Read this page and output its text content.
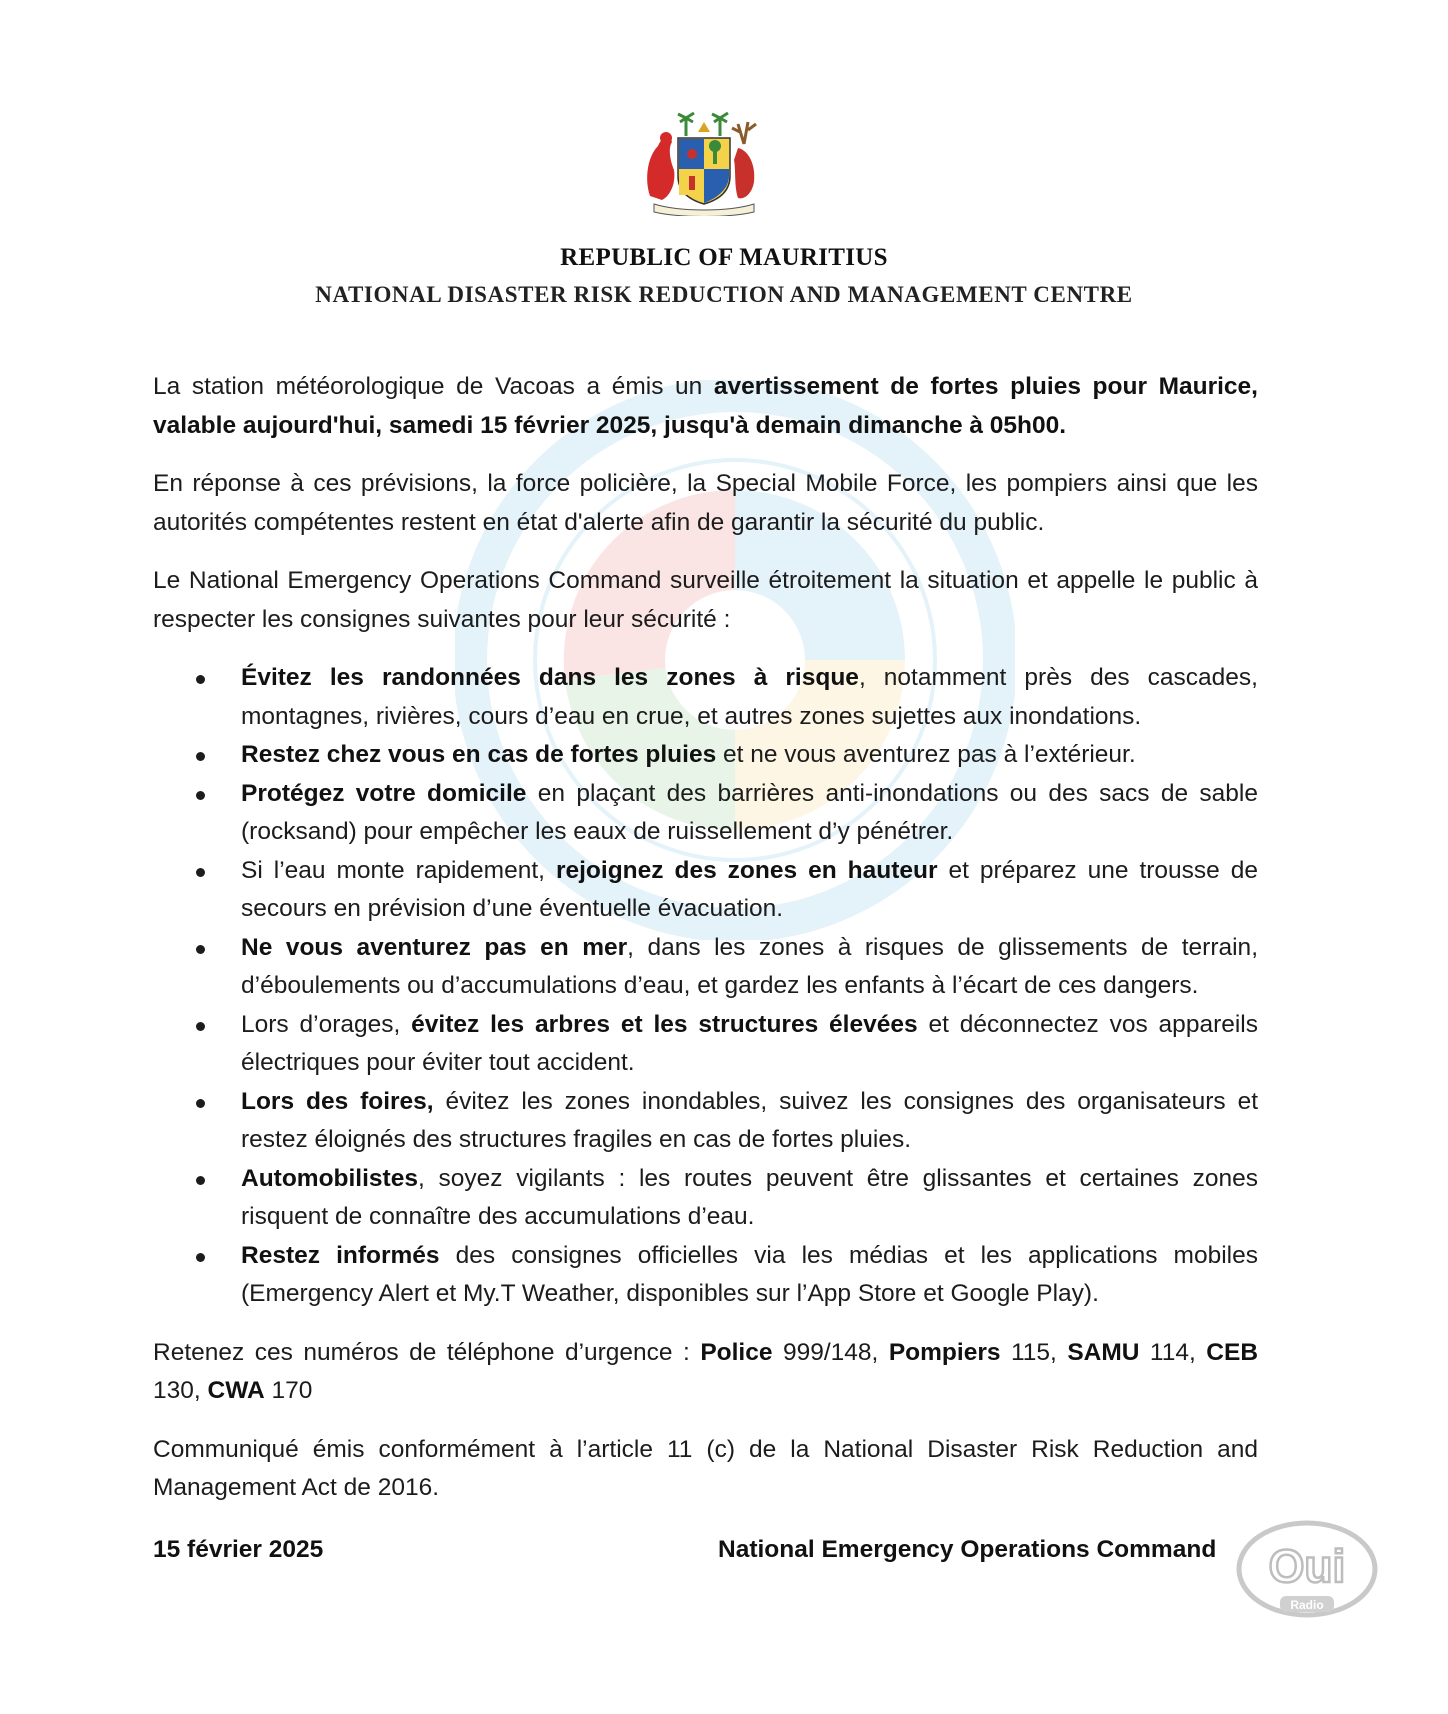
REPUBLIC OF MAURITIUS
NATIONAL DISASTER RISK REDUCTION AND MANAGEMENT CENTRE

La station météorologique de Vacoas a émis un avertissement de fortes pluies pour Maurice, valable aujourd'hui, samedi 15 février 2025, jusqu'à demain dimanche à 05h00.

En réponse à ces prévisions, la force policière, la Special Mobile Force, les pompiers ainsi que les autorités compétentes restent en état d'alerte afin de garantir la sécurité du public.

Le National Emergency Operations Command surveille étroitement la situation et appelle le public à respecter les consignes suivantes pour leur sécurité :

Évitez les randonnées dans les zones à risque, notamment près des cascades, montagnes, rivières, cours d’eau en crue, et autres zones sujettes aux inondations.
Restez chez vous en cas de fortes pluies et ne vous aventurez pas à l’extérieur.
Protégez votre domicile en plaçant des barrières anti-inondations ou des sacs de sable (rocksand) pour empêcher les eaux de ruissellement d’y pénétrer.
Si l’eau monte rapidement, rejoignez des zones en hauteur et préparez une trousse de secours en prévision d’une éventuelle évacuation.
Ne vous aventurez pas en mer, dans les zones à risques de glissements de terrain, d’éboulements ou d’accumulations d’eau, et gardez les enfants à l’écart de ces dangers.
Lors d’orages, évitez les arbres et les structures élevées et déconnectez vos appareils électriques pour éviter tout accident.
Lors des foires, évitez les zones inondables, suivez les consignes des organisateurs et restez éloignés des structures fragiles en cas de fortes pluies.
Automobilistes, soyez vigilants : les routes peuvent être glissantes et certaines zones risquent de connaître des accumulations d’eau.
Restez informés des consignes officielles via les médias et les applications mobiles (Emergency Alert et My.T Weather, disponibles sur l’App Store et Google Play).

Retenez ces numéros de téléphone d’urgence : Police 999/148, Pompiers 115, SAMU 114, CEB 130, CWA 170

Communiqué émis conformément à l’article 11 (c) de la National Disaster Risk Reduction and Management Act de 2016.

15 février 2025	National Emergency Operations Command Oui
Radio
